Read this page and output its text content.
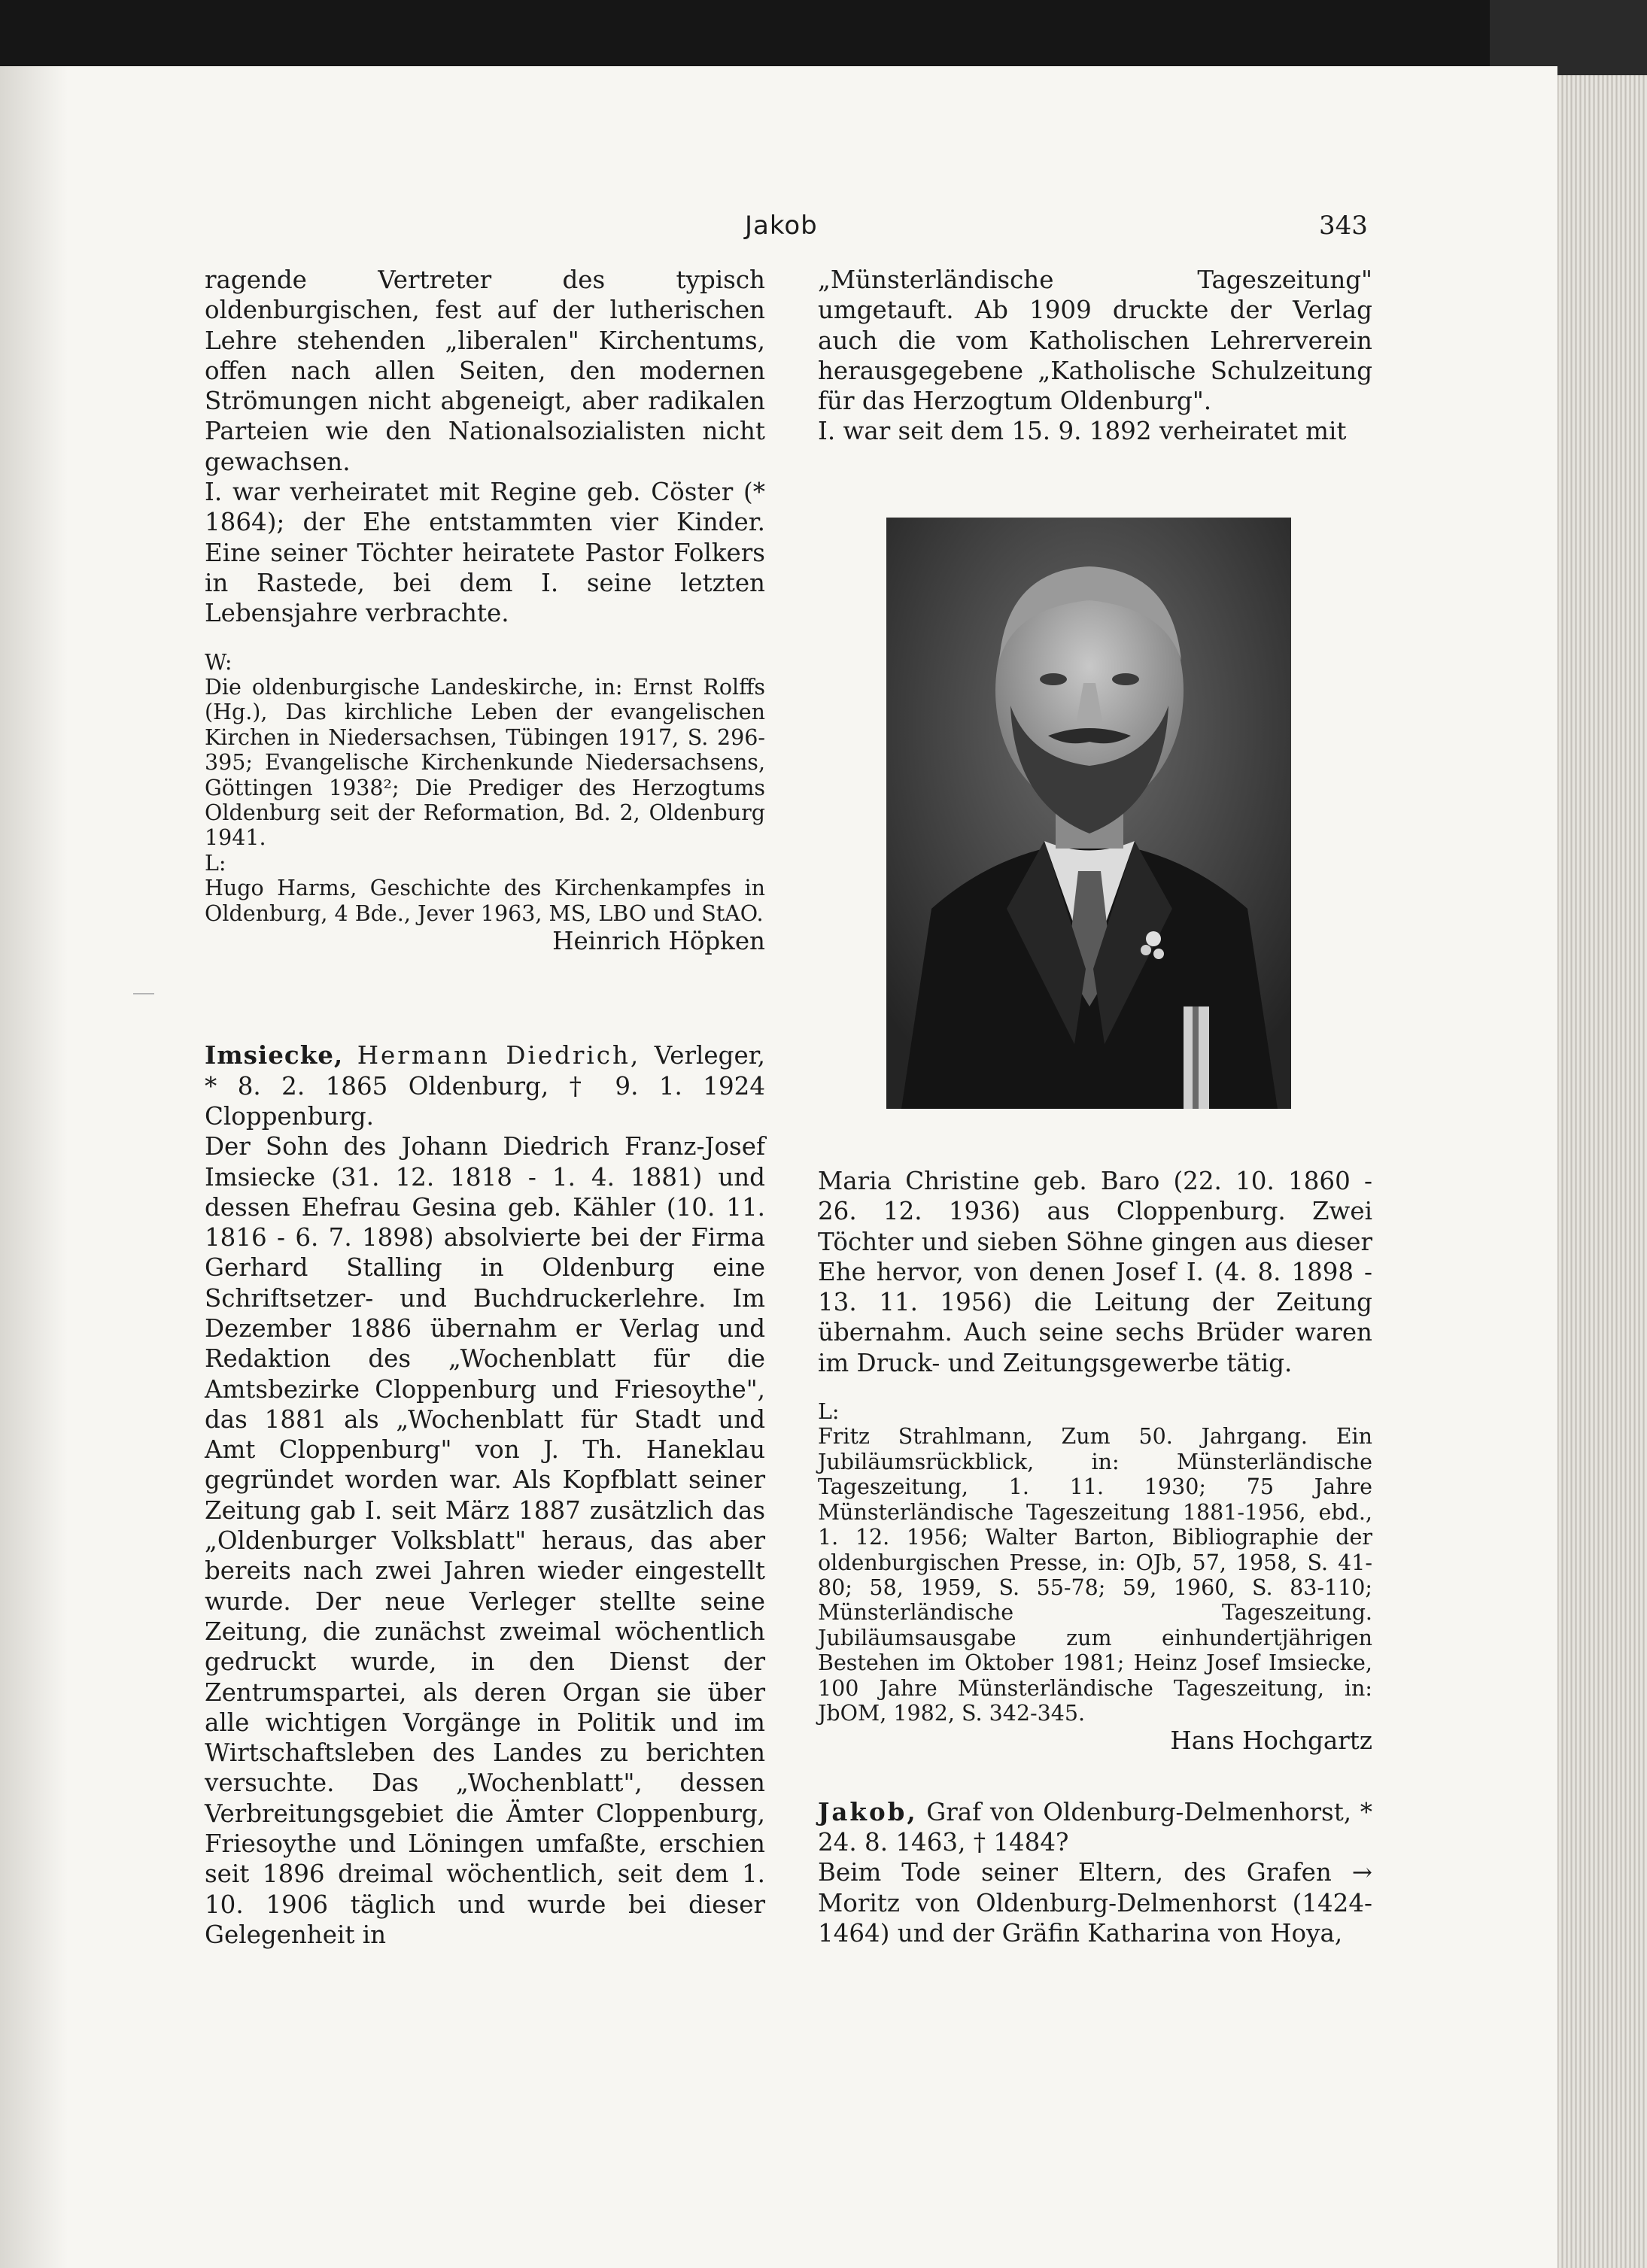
Jakob	343

ragende Vertreter des typisch oldenburgischen, fest auf der lutherischen Lehre stehenden „liberalen" Kirchentums, offen nach allen Seiten, den modernen Strömungen nicht abgeneigt, aber radikalen Parteien wie den Nationalsozialisten nicht gewachsen.

I. war verheiratet mit Regine geb. Cöster (* 1864); der Ehe entstammten vier Kinder. Eine seiner Töchter heiratete Pastor Folkers in Rastede, bei dem I. seine letzten Lebensjahre verbrachte.

W:

Die oldenburgische Landeskirche, in: Ernst Rolffs (Hg.), Das kirchliche Leben der evangelischen Kirchen in Niedersachsen, Tübingen 1917, S. 296-395; Evangelische Kirchenkunde Niedersachsens, Göttingen 1938²; Die Prediger des Herzogtums Oldenburg seit der Reformation, Bd. 2, Oldenburg 1941.

L:

Hugo Harms, Geschichte des Kirchenkampfes in Oldenburg, 4 Bde., Jever 1963, MS, LBO und StAO.

Heinrich Höpken

Imsiecke, Hermann Diedrich, Verleger, * 8. 2. 1865 Oldenburg, † 9. 1. 1924 Cloppenburg.

Der Sohn des Johann Diedrich Franz-Josef Imsiecke (31. 12. 1818 - 1. 4. 1881) und dessen Ehefrau Gesina geb. Kähler (10. 11. 1816 - 6. 7. 1898) absolvierte bei der Firma Gerhard Stalling in Oldenburg eine Schriftsetzer- und Buchdruckerlehre. Im Dezember 1886 übernahm er Verlag und Redaktion des „Wochenblatt für die Amtsbezirke Cloppenburg und Friesoythe", das 1881 als „Wochenblatt für Stadt und Amt Cloppenburg" von J. Th. Haneklau gegründet worden war. Als Kopfblatt seiner Zeitung gab I. seit März 1887 zusätzlich das „Oldenburger Volksblatt" heraus, das aber bereits nach zwei Jahren wieder eingestellt wurde. Der neue Verleger stellte seine Zeitung, die zunächst zweimal wöchentlich gedruckt wurde, in den Dienst der Zentrumspartei, als deren Organ sie über alle wichtigen Vorgänge in Politik und im Wirtschaftsleben des Landes zu berichten versuchte. Das „Wochenblatt", dessen Verbreitungsgebiet die Ämter Cloppenburg, Friesoythe und Löningen umfaßte, erschien seit 1896 dreimal wöchentlich, seit dem 1. 10. 1906 täglich und wurde bei dieser Gelegenheit in

„Münsterländische Tageszeitung" umgetauft. Ab 1909 druckte der Verlag auch die vom Katholischen Lehrerverein herausgegebene „Katholische Schulzeitung für das Herzogtum Oldenburg".

I. war seit dem 15. 9. 1892 verheiratet mit

Maria Christine geb. Baro (22. 10. 1860 - 26. 12. 1936) aus Cloppenburg. Zwei Töchter und sieben Söhne gingen aus dieser Ehe hervor, von denen Josef I. (4. 8. 1898 - 13. 11. 1956) die Leitung der Zeitung übernahm. Auch seine sechs Brüder waren im Druck- und Zeitungsgewerbe tätig.

L:

Fritz Strahlmann, Zum 50. Jahrgang. Ein Jubiläumsrückblick, in: Münsterländische Tageszeitung, 1. 11. 1930; 75 Jahre Münsterländische Tageszeitung 1881-1956, ebd., 1. 12. 1956; Walter Barton, Bibliographie der oldenburgischen Presse, in: OJb, 57, 1958, S. 41-80; 58, 1959, S. 55-78; 59, 1960, S. 83-110; Münsterländische Tageszeitung. Jubiläumsausgabe zum einhundertjährigen Bestehen im Oktober 1981; Heinz Josef Imsiecke, 100 Jahre Münsterländische Tageszeitung, in: JbOM, 1982, S. 342-345.

Hans Hochgartz

Jakob, Graf von Oldenburg-Delmenhorst, * 24. 8. 1463, † 1484?

Beim Tode seiner Eltern, des Grafen → Moritz von Oldenburg-Delmenhorst (1424-1464) und der Gräfin Katharina von Hoya,
